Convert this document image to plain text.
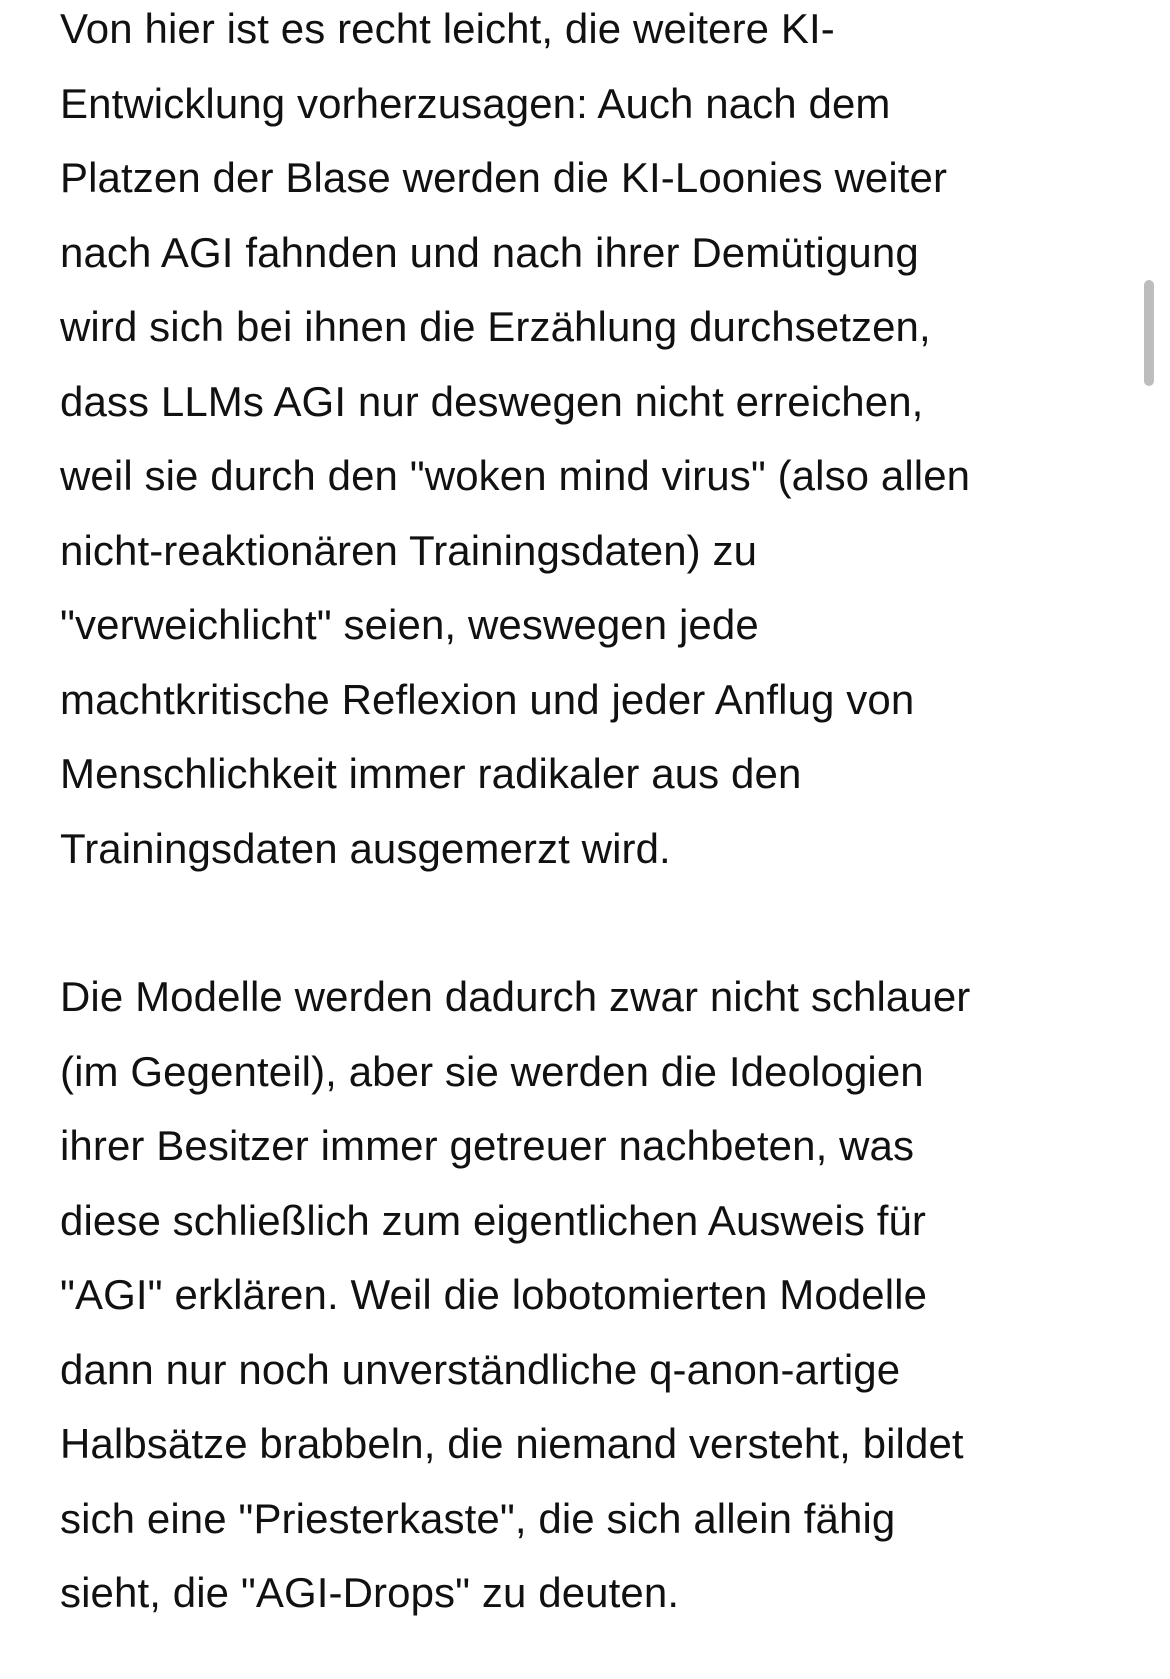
Von hier ist es recht leicht, die weitere KI-
Entwicklung vorherzusagen: Auch nach dem
Platzen der Blase werden die KI-Loonies weiter
nach AGI fahnden und nach ihrer Demütigung
wird sich bei ihnen die Erzählung durchsetzen,
dass LLMs AGI nur deswegen nicht erreichen,
weil sie durch den "woken mind virus" (also allen
nicht-reaktionären Trainingsdaten) zu
"verweichlicht" seien, weswegen jede
machtkritische Reflexion und jeder Anflug von
Menschlichkeit immer radikaler aus den
Trainingsdaten ausgemerzt wird.

Die Modelle werden dadurch zwar nicht schlauer
(im Gegenteil), aber sie werden die Ideologien
ihrer Besitzer immer getreuer nachbeten, was
diese schließlich zum eigentlichen Ausweis für
"AGI" erklären. Weil die lobotomierten Modelle
dann nur noch unverständliche q-anon-artige
Halbsätze brabbeln, die niemand versteht, bildet
sich eine "Priesterkaste", die sich allein fähig
sieht, die "AGI-Drops" zu deuten.
